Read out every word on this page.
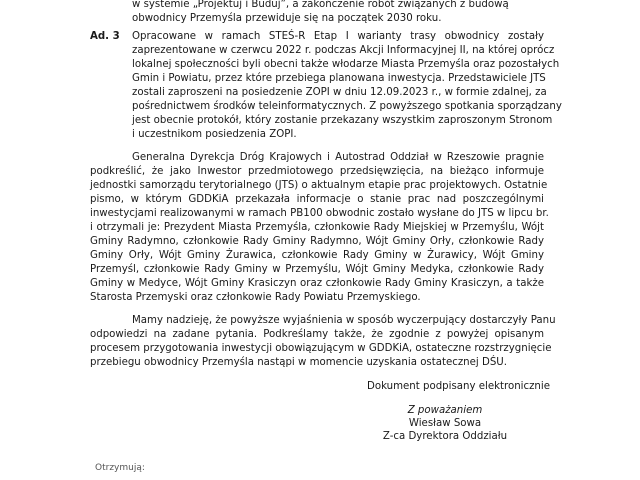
w systemie „Projektuj i Buduj”, a zakończenie robót związanych z budową
obwodnicy Przemyśla przewiduje się na początek 2030 roku.
Ad. 3 Opracowane w ramach STEŚ-R Etap I warianty trasy obwodnicy zostały
zaprezentowane w czerwcu 2022 r. podczas Akcji Informacyjnej II, na której oprócz
lokalnej społeczności byli obecni także włodarze Miasta Przemyśla oraz pozostałych
Gmin i Powiatu, przez które przebiega planowana inwestycja. Przedstawiciele JTS
zostali zaproszeni na posiedzenie ZOPI w dniu 12.09.2023 r., w formie zdalnej, za
pośrednictwem środków teleinformatycznych. Z powyższego spotkania sporządzany
jest obecnie protokół, który zostanie przekazany wszystkim zaproszonym Stronom
i uczestnikom posiedzenia ZOPI.
Generalna Dyrekcja Dróg Krajowych i Autostrad Oddział w Rzeszowie pragnie
podkreślić, że jako Inwestor przedmiotowego przedsięwzięcia, na bieżąco informuje
jednostki samorządu terytorialnego (JTS) o aktualnym etapie prac projektowych. Ostatnie
pismo, w którym GDDKiA przekazała informacje o stanie prac nad poszczególnymi
inwestycjami realizowanymi w ramach PB100 obwodnic zostało wysłane do JTS w lipcu br.
i otrzymali je: Prezydent Miasta Przemyśla, członkowie Rady Miejskiej w Przemyślu, Wójt
Gminy Radymno, członkowie Rady Gminy Radymno, Wójt Gminy Orły, członkowie Rady
Gminy Orły, Wójt Gminy Żurawica, członkowie Rady Gminy w Żurawicy, Wójt Gminy
Przemyśl, członkowie Rady Gminy w Przemyślu, Wójt Gminy Medyka, członkowie Rady
Gminy w Medyce, Wójt Gminy Krasiczyn oraz członkowie Rady Gminy Krasiczyn, a także
Starosta Przemyski oraz członkowie Rady Powiatu Przemyskiego.
Mamy nadzieję, że powyższe wyjaśnienia w sposób wyczerpujący dostarczyły Panu
odpowiedzi na zadane pytania. Podkreślamy także, że zgodnie z powyżej opisanym
procesem przygotowania inwestycji obowiązującym w GDDKiA, ostateczne rozstrzygnięcie
przebiegu obwodnicy Przemyśla nastąpi w momencie uzyskania ostatecznej DŚU.
Dokument podpisany elektronicznie
Z poważaniem
Wiesław Sowa
Z-ca Dyrektora Oddziału
Otrzymują:
